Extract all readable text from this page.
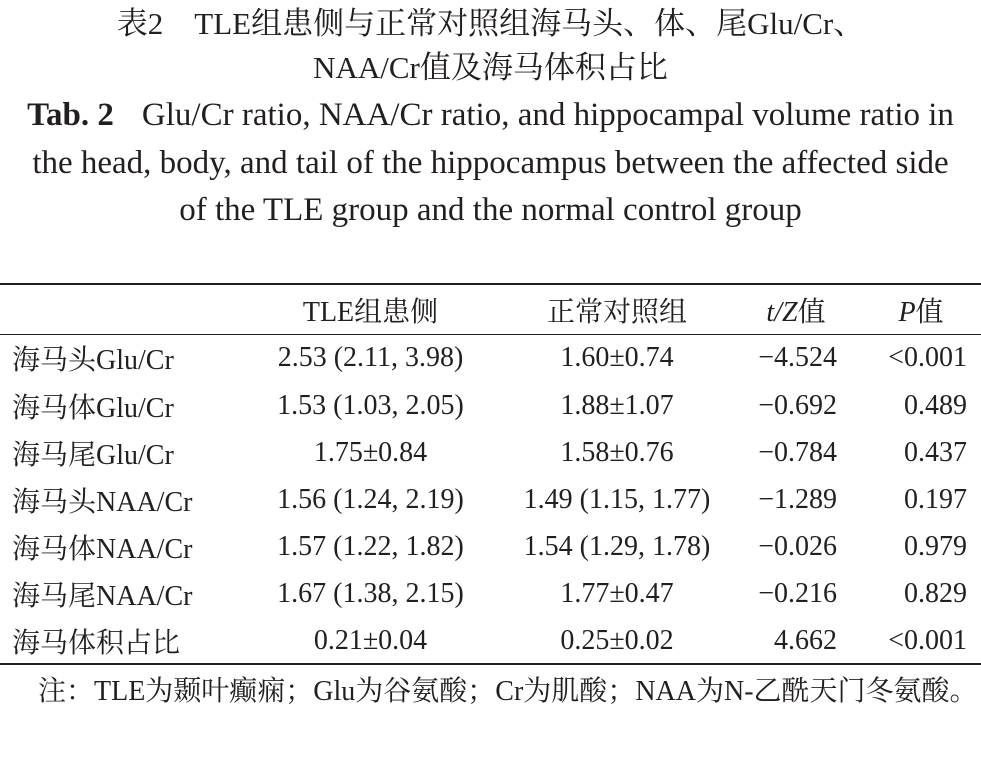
表2　TLE组患侧与正常对照组海马头、体、尾Glu/Cr、
NAA/Cr值及海马体积占比
Tab. 2 Glu/Cr ratio, NAA/Cr ratio, and hippocampal volume ratio in the head, body, and tail of the hippocampus between the affected side of the TLE group and the normal control group
	TLE组患侧	正常对照组	t/Z值	P值
海马头Glu/Cr	2.53 (2.11, 3.98)	1.60±0.74	−4.524	<0.001
海马体Glu/Cr	1.53 (1.03, 2.05)	1.88±1.07	−0.692	0.489
海马尾Glu/Cr	1.75±0.84	1.58±0.76	−0.784	0.437
海马头NAA/Cr	1.56 (1.24, 2.19)	1.49 (1.15, 1.77)	−1.289	0.197
海马体NAA/Cr	1.57 (1.22, 1.82)	1.54 (1.29, 1.78)	−0.026	0.979
海马尾NAA/Cr	1.67 (1.38, 2.15)	1.77±0.47	−0.216	0.829
海马体积占比	0.21±0.04	0.25±0.02	4.662	<0.001
注：TLE为颞叶癫痫；Glu为谷氨酸；Cr为肌酸；NAA为N-乙酰天门冬氨酸。
